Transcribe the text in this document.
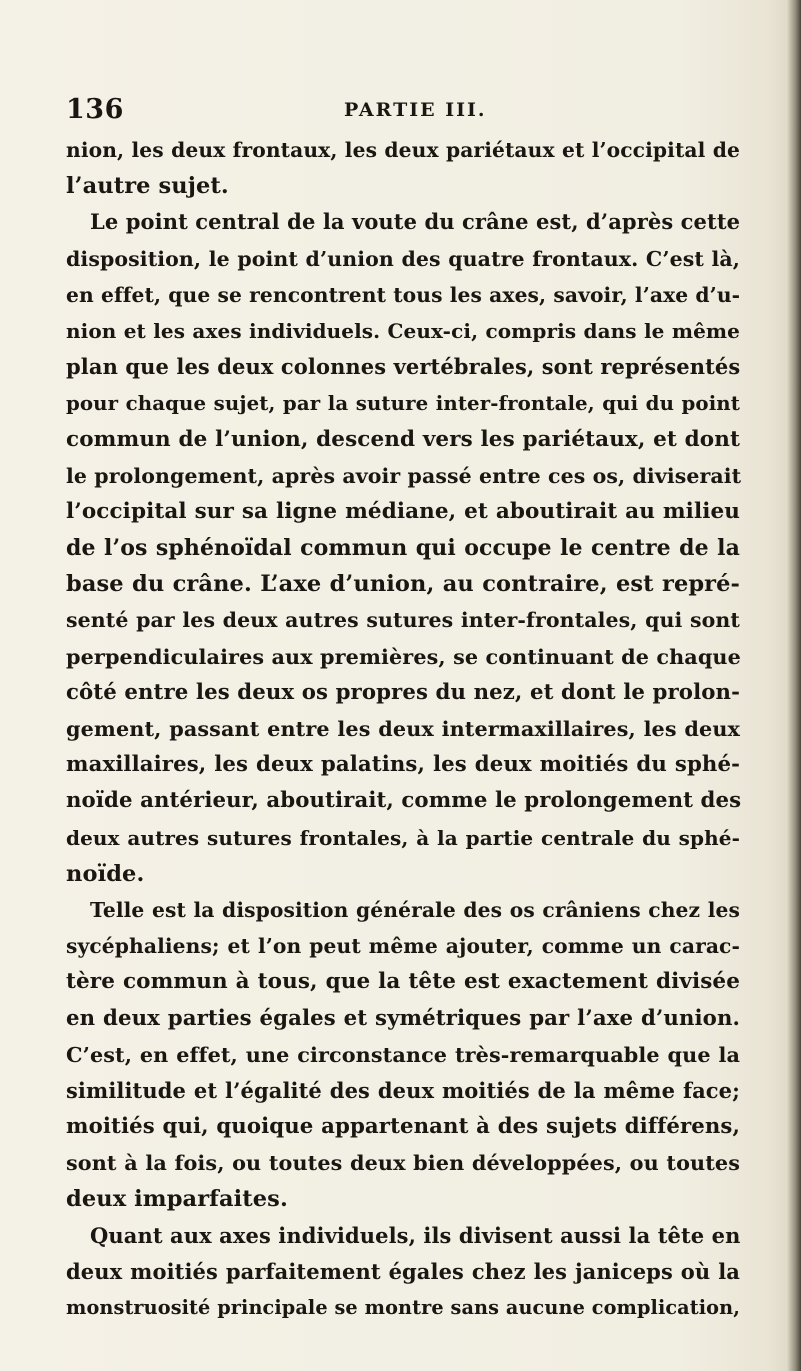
136	PARTIE III.
nion, les deux frontaux, les deux pariétaux et l’occipital de
l’autre sujet.
Le point central de la voute du crâne est, d’après cette
disposition, le point d’union des quatre frontaux. C’est là,
en effet, que se rencontrent tous les axes, savoir, l’axe d’u-
nion et les axes individuels. Ceux-ci, compris dans le même
plan que les deux colonnes vertébrales, sont représentés
pour chaque sujet, par la suture inter-frontale, qui du point
commun de l’union, descend vers les pariétaux, et dont
le prolongement, après avoir passé entre ces os, diviserait
l’occipital sur sa ligne médiane, et aboutirait au milieu
de l’os sphénoïdal commun qui occupe le centre de la
base du crâne. L’axe d’union, au contraire, est repré-
senté par les deux autres sutures inter-frontales, qui sont
perpendiculaires aux premières, se continuant de chaque
côté entre les deux os propres du nez, et dont le prolon-
gement, passant entre les deux intermaxillaires, les deux
maxillaires, les deux palatins, les deux moitiés du sphé-
noïde antérieur, aboutirait, comme le prolongement des
deux autres sutures frontales, à la partie centrale du sphé-
noïde.
Telle est la disposition générale des os crâniens chez les
sycéphaliens; et l’on peut même ajouter, comme un carac-
tère commun à tous, que la tête est exactement divisée
en deux parties égales et symétriques par l’axe d’union.
C’est, en effet, une circonstance très-remarquable que la
similitude et l’égalité des deux moitiés de la même face;
moitiés qui, quoique appartenant à des sujets différens,
sont à la fois, ou toutes deux bien développées, ou toutes
deux imparfaites.
Quant aux axes individuels, ils divisent aussi la tête en
deux moitiés parfaitement égales chez les janiceps où la
monstruosité principale se montre sans aucune complication,
